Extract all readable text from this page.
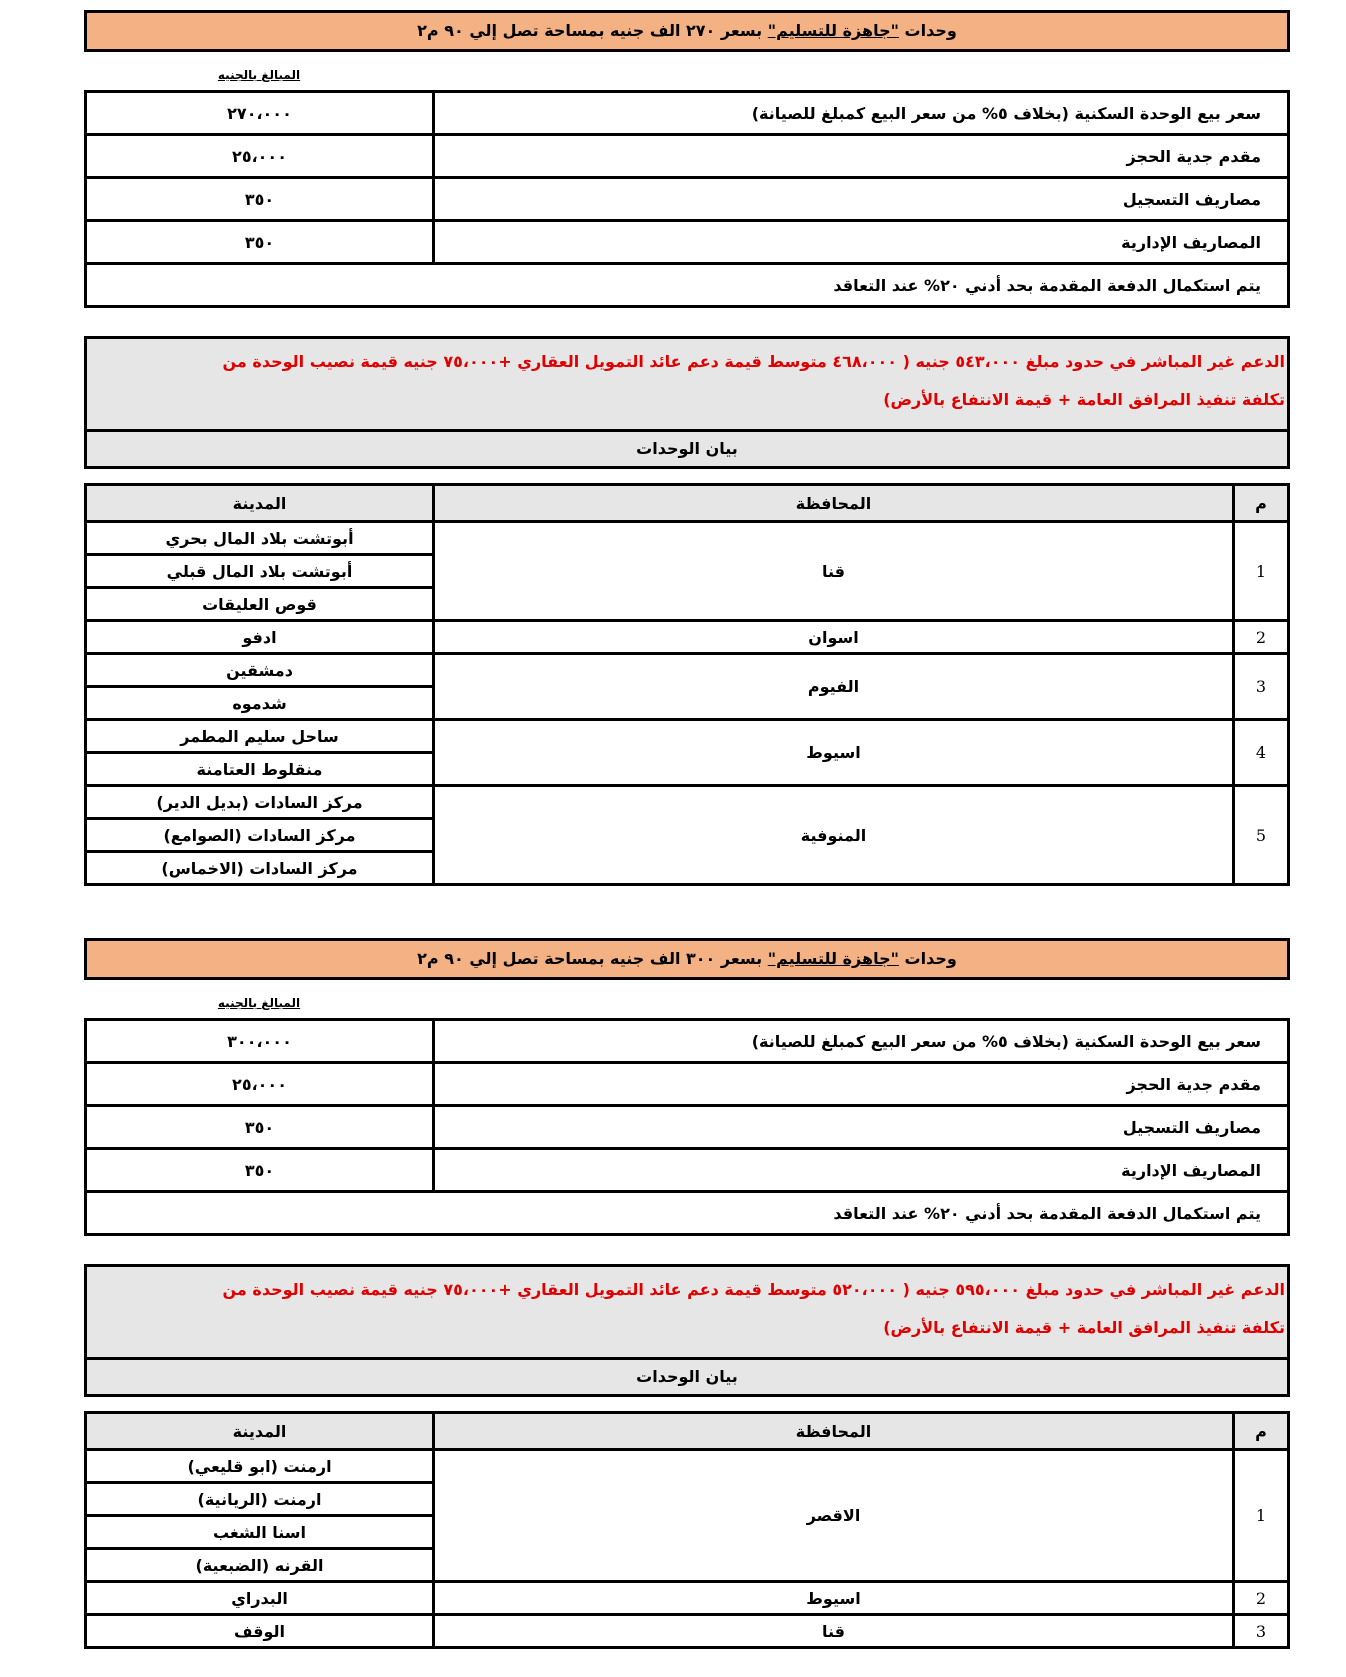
وحدات "جاهزة للتسليم" بسعر ٢٧٠ الف جنيه بمساحة تصل إلي ٩٠ م٢
المبالغ بالجنيه
٢٧٠،٠٠٠	سعر بيع الوحدة السكنية (بخلاف ٥% من سعر البيع كمبلغ للصيانة)
٢٥،٠٠٠	مقدم جدية الحجز
٣٥٠	مصاريف التسجيل
٣٥٠	المصاريف الإدارية
يتم استكمال الدفعة المقدمة بحد أدني ٢٠% عند التعاقد	
الدعم غير المباشر في حدود مبلغ ٥٤٣،٠٠٠ جنيه ( ٤٦٨،٠٠٠ متوسط قيمة دعم عائد التمويل العقاري +٧٥،٠٠٠ جنيه قيمة نصيب الوحدة من
تكلفة تنفيذ المرافق العامة + قيمة الانتفاع بالأرض)
بيان الوحدات
المدينة	المحافظة	م
أبوتشت بلاد المال بحري	قنا	1
أبوتشت بلاد المال قبلي		
قوص العليقات		
ادفو	اسوان	2
دمشقين	الفيوم	3
شدموه		
ساحل سليم المطمر	اسيوط	4
منقلوط العتامنة		
مركز السادات (بديل الدير)	المنوفية	5
مركز السادات (الصوامع)		
مركز السادات (الاخماس)		
وحدات "جاهزة للتسليم" بسعر ٣٠٠ الف جنيه بمساحة تصل إلي ٩٠ م٢
المبالغ بالجنيه
٣٠٠،٠٠٠	سعر بيع الوحدة السكنية (بخلاف ٥% من سعر البيع كمبلغ للصيانة)
٢٥،٠٠٠	مقدم جدية الحجز
٣٥٠	مصاريف التسجيل
٣٥٠	المصاريف الإدارية
يتم استكمال الدفعة المقدمة بحد أدني ٢٠% عند التعاقد	
الدعم غير المباشر في حدود مبلغ ٥٩٥،٠٠٠ جنيه ( ٥٢٠،٠٠٠ متوسط قيمة دعم عائد التمويل العقاري +٧٥،٠٠٠ جنيه قيمة نصيب الوحدة من
تكلفة تنفيذ المرافق العامة + قيمة الانتفاع بالأرض)
بيان الوحدات
المدينة	المحافظة	م
ارمنت (ابو قليعي)	الاقصر	1
ارمنت (الريانية)		
اسنا الشغب		
القرنه (الضبعية)		
البدراي	اسيوط	2
الوقف	قنا	3
